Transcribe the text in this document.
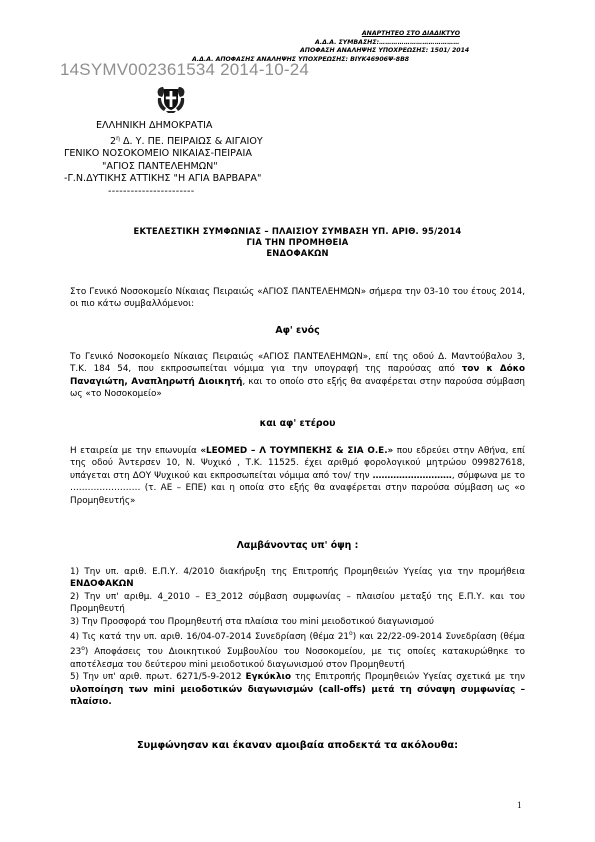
ΑΝΑΡΤΗΤΕΟ ΣΤΟ ΔΙΑΔΙΚΤΥΟ
Α.Δ.Α. ΣΥΜΒΑΣΗΣ:…………………………………
ΑΠΟΦΑΣΗ ΑΝΑΛΗΨΗΣ ΥΠΟΧΡΕΩΣΗΣ: 1501/ 2014
Α.Δ.Α. ΑΠΟΦΑΣΗΣ ΑΝΑΛΗΨΗΣ ΥΠΟΧΡΕΩΣΗΣ: ΒΙΥΚ46906Ψ-8Β8
14SYMV002361534 2014-10-24
ΕΛΛΗΝΙΚΗ ΔΗΜΟΚΡΑΤΙΑ
$2^\eta$ Δ. Υ. ΠΕ. ΠΕΙΡΑΙΩΣ & ΑΙΓΑΙΟΥ
ΓΕΝΙΚΟ ΝΟΣΟΚΟΜΕΙΟ ΝΙΚΑΙΑΣ-ΠΕΙΡΑΙΑ
"ΑΓΙΟΣ ΠΑΝΤΕΛΕΗΜΩΝ"
-Γ.Ν.ΔΥΤΙΚΗΣ ΑΤΤΙΚΗΣ "Η ΑΓΙΑ ΒΑΡΒΑΡΑ"
-----------------------
ΕΚΤΕΛΕΣΤΙΚΗ ΣΥΜΦΩΝΙΑΣ – ΠΛΑΙΣΙΟΥ ΣΥΜΒΑΣΗ ΥΠ. ΑΡΙΘ. 95/2014
ΓΙΑ ΤΗΝ ΠΡΟΜΗΘΕΙΑ
ΕΝΔΟΦΑΚΩΝ
Στο Γενικό Νοσοκομείο Νίκαιας Πειραιώς «ΑΓΙΟΣ ΠΑΝΤΕΛΕΗΜΩΝ» σήμερα την 03-10 του έτους 2014, οι πιο κάτω συμβαλλόμενοι:
Αφ' ενός
Το Γενικό Νοσοκομείο Νίκαιας Πειραιώς «ΑΓΙΟΣ ΠΑΝΤΕΛΕΗΜΩΝ», επί της οδού Δ. Μαντούβαλου 3, Τ.Κ. 184 54, που εκπροσωπείται νόμιμα για την υπογραφή της παρούσας από τον κ Δόκο Παναγιώτη, Αναπληρωτή Διοικητή, και το οποίο στο εξής θα αναφέρεται στην παρούσα σύμβαση ως «το Νοσοκομείο»
και αφ' ετέρου
Η εταιρεία με την επωνυμία «LEOMED – Λ ΤΟΥΜΠΕΚΗΣ & ΣΙΑ Ο.Ε.» που εδρεύει στην Αθήνα, επί της οδού Άντερσεν 10, Ν. Ψυχικό , Τ.Κ. 11525. έχει αριθμό φορολογικού μητρώου 099827618, υπάγεται στη ΔΟΥ Ψυχικού και εκπροσωπείται νόμιμα από τον/ την ………………………, σύμφωνα με το …………………… (τ. ΑΕ – ΕΠΕ) και η οποία στο εξής θα αναφέρεται στην παρούσα σύμβαση ως «ο Προμηθευτής»
Λαμβάνοντας υπ' όψη :

1) Την υπ. αριθ. Ε.Π.Υ. 4/2010 διακήρυξη της Επιτροπής Προμηθειών Υγείας για την προμήθεια ΕΝΔΟΦΑΚΩΝ

2) Την υπ' αριθμ. 4_2010 – Ε3_2012 σύμβαση συμφωνίας – πλαισίου μεταξύ της Ε.Π.Υ. και του Προμηθευτή

3) Την Προσφορά του Προμηθευτή στα πλαίσια του mini μειοδοτικού διαγωνισμού

4) Τις κατά την υπ. αριθ. 16/04-07-2014 Συνεδρίαση (θέμα $21^o$) και 22/22-09-2014 Συνεδρίαση (θέμα $23^o$) Αποφάσεις του Διοικητικού Συμβουλίου του Νοσοκομείου, με τις οποίες κατακυρώθηκε το αποτέλεσμα του δεύτερου mini μειοδοτικού διαγωνισμού στον Προμηθευτή

5) Την υπ' αριθ. πρωτ. 6271/5-9-2012 Εγκύκλιο της Επιτροπής Προμηθειών Υγείας σχετικά με την υλοποίηση των mini μειοδοτικών διαγωνισμών (call-offs) μετά τη σύναψη συμφωνίας – πλαίσιο.

Συμφώνησαν και έκαναν αμοιβαία αποδεκτά τα ακόλουθα:
1
